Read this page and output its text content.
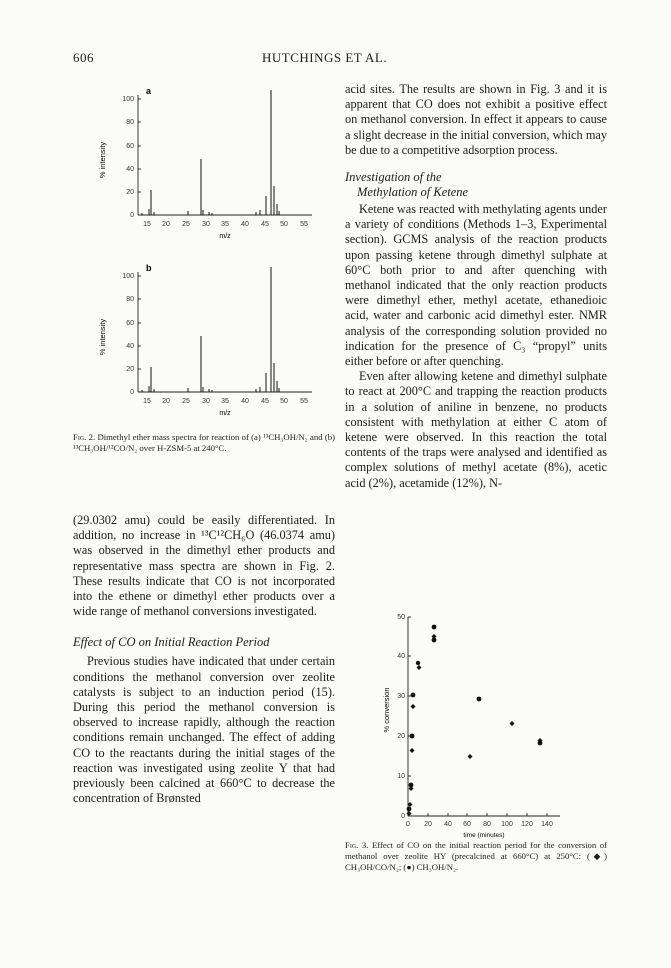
606	HUTCHINGS ET AL.
a
% intensity
0
20
40
60
80
100
15 20 25 30 35 40 45 50 55
m/z
b
% intensity
0
20
40
60
80
100
15 20 25 30 35 40 45 50 55
m/z
Fig. 2. Dimethyl ether mass spectra for reaction of (a) ¹³CH₃OH/N₂ and (b) ¹³CH₃OH/¹²CO/N₂ over H-ZSM-5 at 240°C.

(29.0302 amu) could be easily differentiated. In addition, no increase in ¹³C¹²CH₆O (46.0374 amu) was observed in the dimethyl ether products and representative mass spectra are shown in Fig. 2. These results indicate that CO is not incorporated into the ethene or dimethyl ether products over a wide range of methanol conversions investigated.

Effect of CO on Initial Reaction Period

Previous studies have indicated that under certain conditions the methanol conversion over zeolite catalysts is subject to an induction period (15). During this period the methanol conversion is observed to increase rapidly, although the reaction conditions remain unchanged. The effect of adding CO to the reactants during the initial stages of the reaction was investigated using zeolite Y that had previously been calcined at 660°C to decrease the concentration of Brønsted

acid sites. The results are shown in Fig. 3 and it is apparent that CO does not exhibit a positive effect on methanol conversion. In effect it appears to cause a slight decrease in the initial conversion, which may be due to a competitive adsorption process.

Investigation of the

Methylation of Ketene

Ketene was reacted with methylating agents under a variety of conditions (Methods 1–3, Experimental section). GCMS analysis of the reaction products upon passing ketene through dimethyl sulphate at 60°C both prior to and after quenching with methanol indicated that the only reaction products were dimethyl ether, methyl acetate, ethanedioic acid, water and carbonic acid dimethyl ester. NMR analysis of the corresponding solution provided no indication for the presence of C₃ “propyl” units either before or after quenching.

Even after allowing ketene and dimethyl sulphate to react at 200°C and trapping the reaction products in a solution of aniline in benzene, no products consistent with methylation at either C atom of ketene were observed. In this reaction the total contents of the traps were analysed and identified as complex solutions of methyl acetate (8%), acetic acid (2%), acetamide (12%), N-

% conversion
0
10
20
30
40
50
0 20 40 60 80 100 120 140
time (minutes)
Fig. 3. Effect of CO on the initial reaction period for the conversion of methanol over zeolite HY (precalcined at 660°C) at 250°C: (◆) CH₃OH/CO/N₂; (●) CH₃OH/N₂.
